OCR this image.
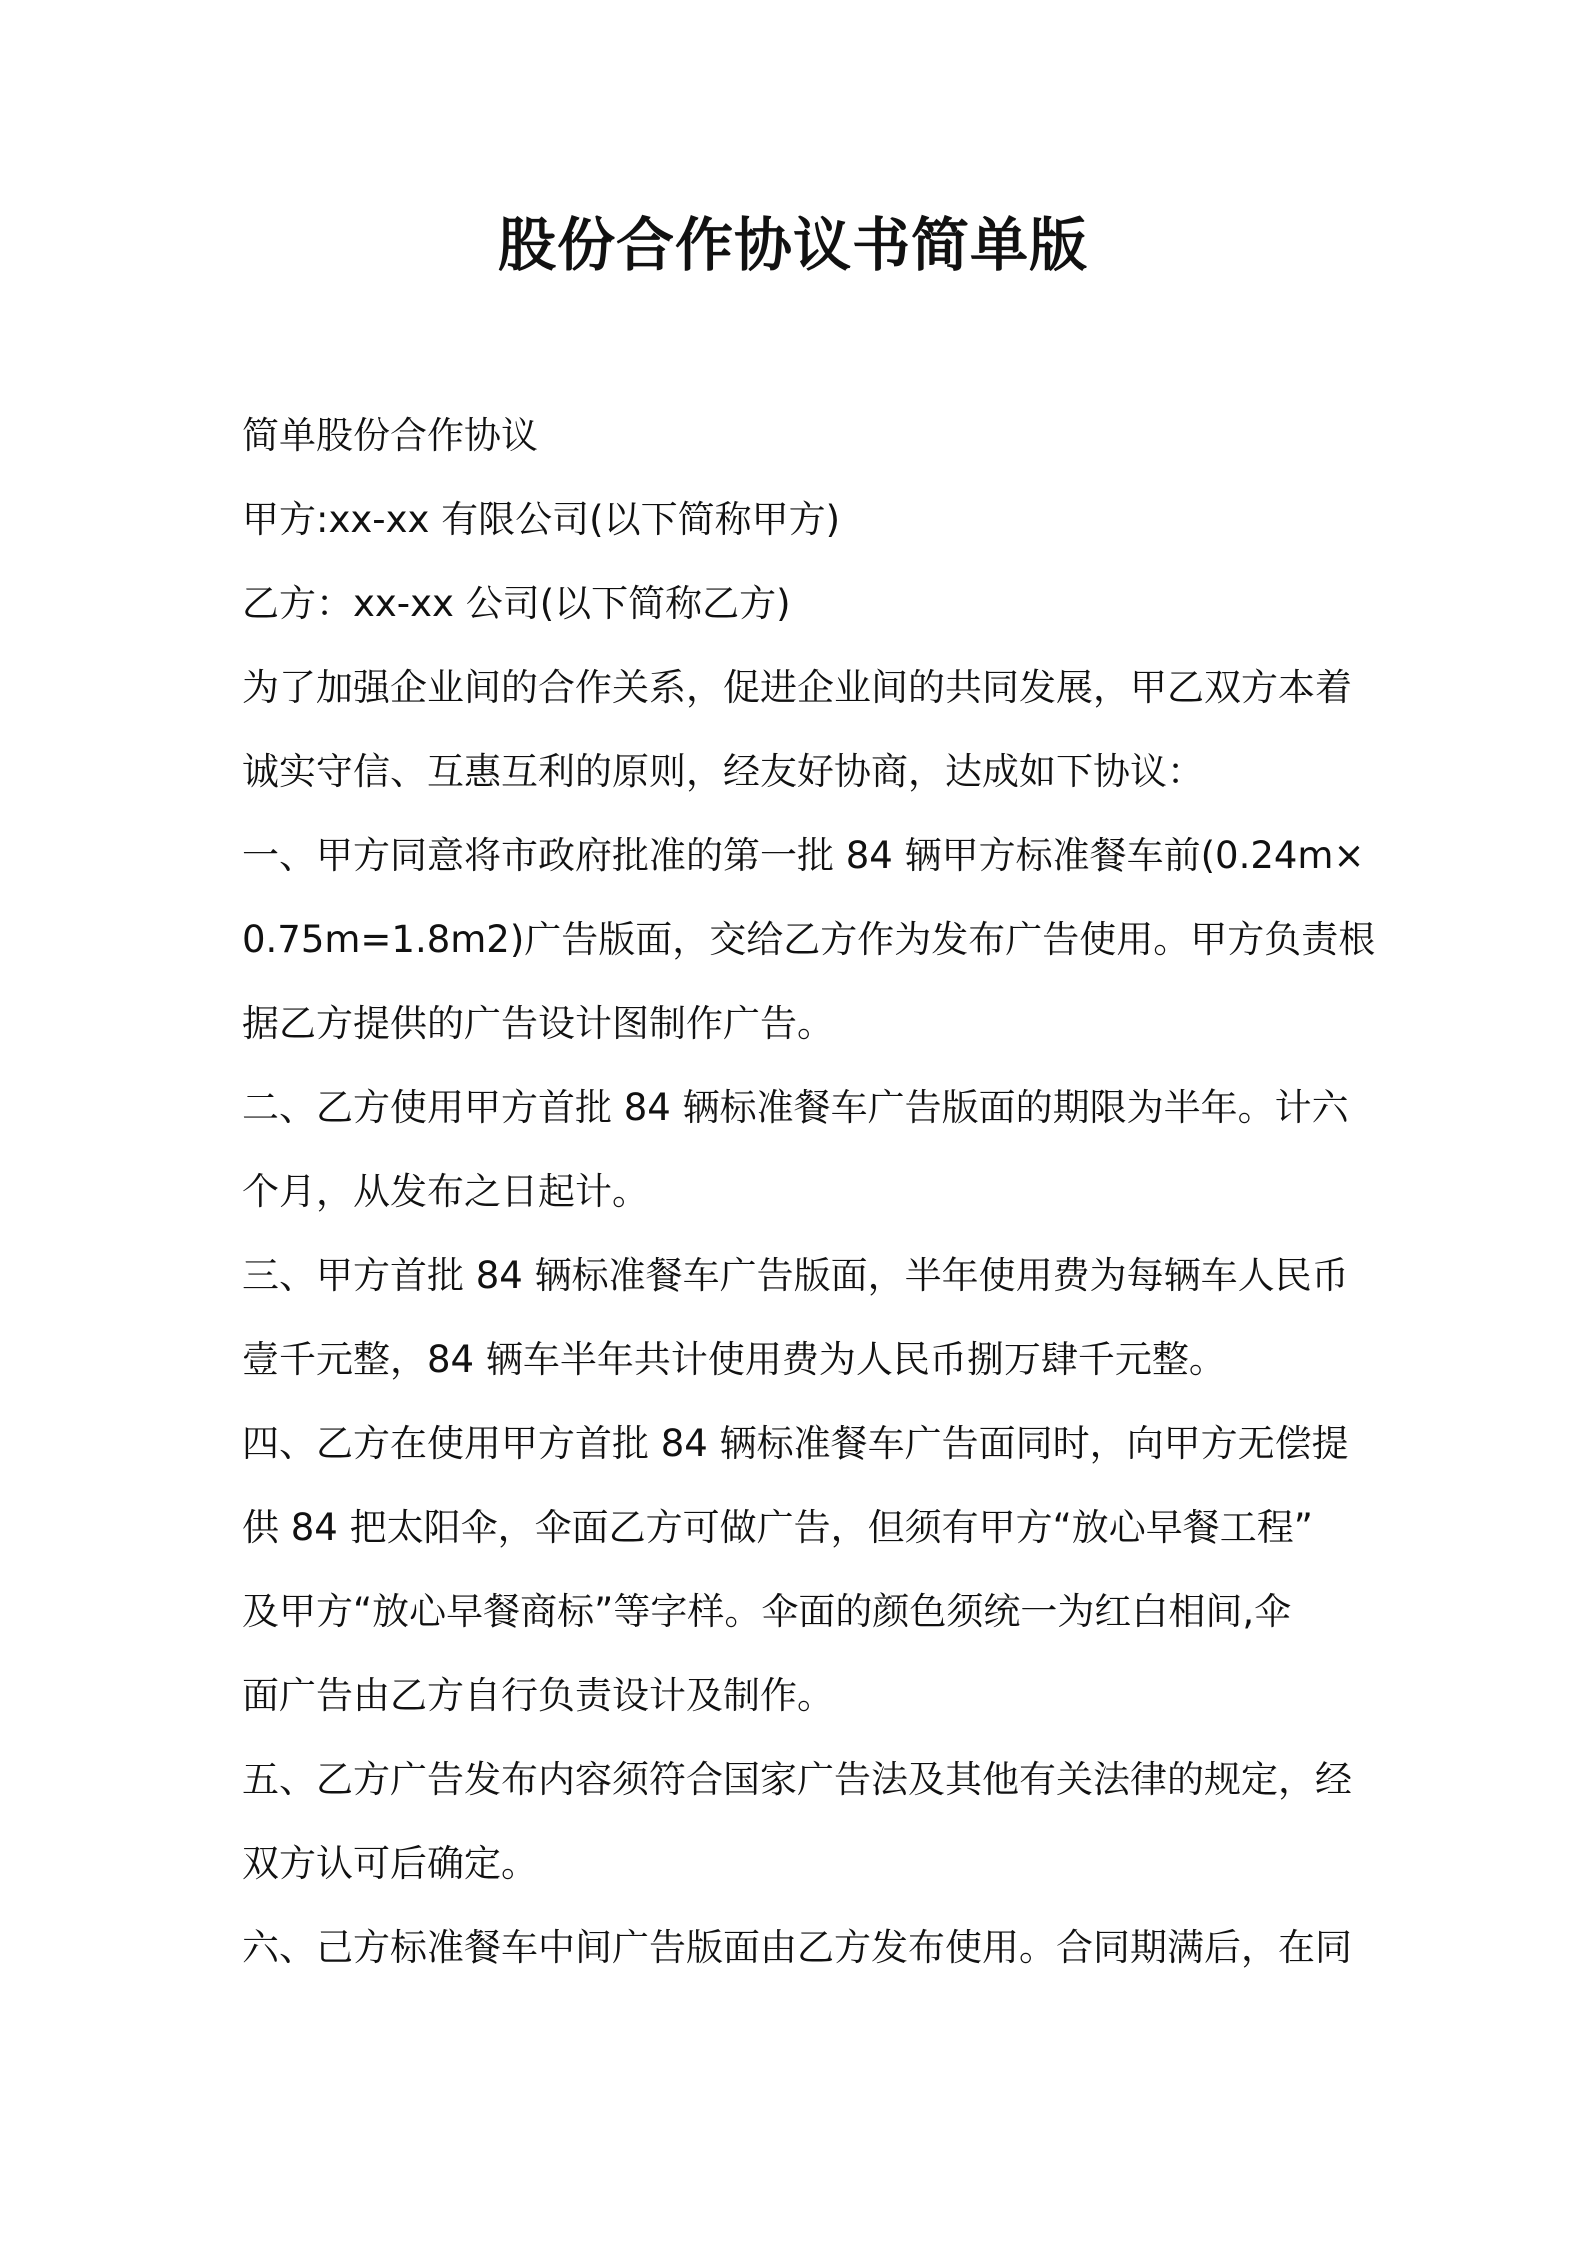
股份合作协议书简单版
简单股份合作协议
甲方:xx-xx 有限公司(以下简称甲方)
乙方：xx-xx 公司(以下简称乙方)
为了加强企业间的合作关系，促进企业间的共同发展，甲乙双方本着
诚实守信、互惠互利的原则，经友好协商，达成如下协议：
一、甲方同意将市政府批准的第一批 84 辆甲方标准餐车前(0.24m×
0.75m=1.8m2)广告版面，交给乙方作为发布广告使用。甲方负责根
据乙方提供的广告设计图制作广告。
二、乙方使用甲方首批 84 辆标准餐车广告版面的期限为半年。计六
个月，从发布之日起计。
三、甲方首批 84 辆标准餐车广告版面，半年使用费为每辆车人民币
壹千元整，84 辆车半年共计使用费为人民币捌万肆千元整。
四、乙方在使用甲方首批 84 辆标准餐车广告面同时，向甲方无偿提
供 84 把太阳伞，伞面乙方可做广告，但须有甲方“放心早餐工程”
及甲方“放心早餐商标”等字样。伞面的颜色须统一为红白相间,伞
面广告由乙方自行负责设计及制作。
五、乙方广告发布内容须符合国家广告法及其他有关法律的规定，经
双方认可后确定。
六、己方标准餐车中间广告版面由乙方发布使用。合同期满后，在同
